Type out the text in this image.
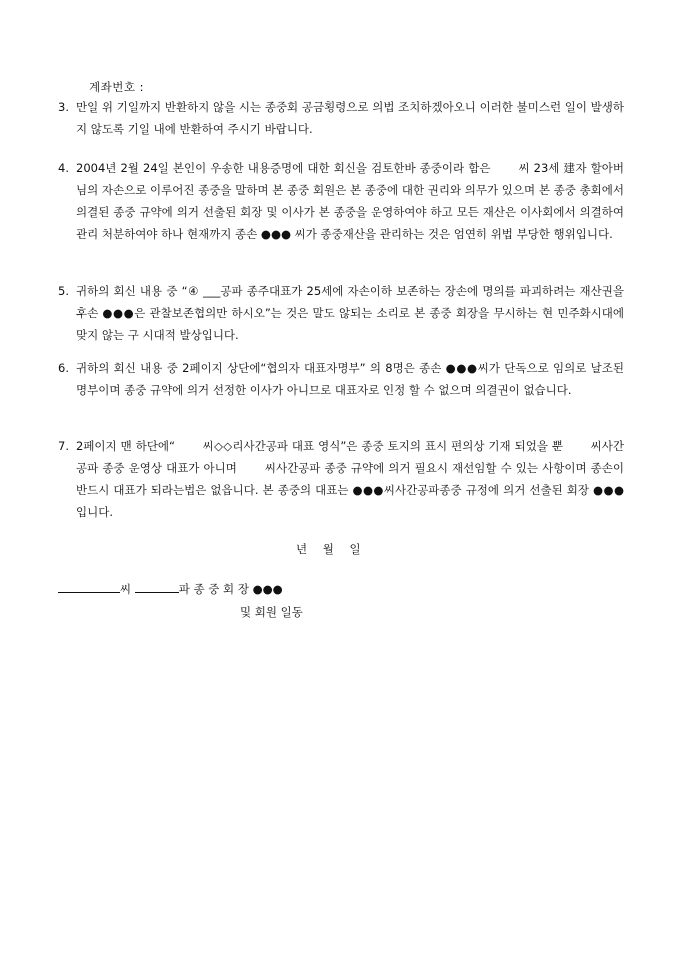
계좌번호 :
3. 만일 위 기일까지 반환하지 않을 시는 종중회 공금횡령으로 의법 조치하겠아오니 이러한 불미스런 일이 발생하지 않도록 기일 내에 반환하여 주시기 바랍니다.
4. 2004년 2월 24일 본인이 우송한 내용증명에 대한 회신을 검토한바 종중이라 함은 　　씨 23세 建자 할아버님의 자손으로 이루어진 종중을 말하며 본 종중 회원은 본 종중에 대한 권리와 의무가 있으며 본 종중 총회에서 의결된 종중 규약에 의거 선출된 회장 및 이사가 본 종중을 운영하여야 하고 모든 재산은 이사회에서 의결하여 관리 처분하여야 하나 현재까지 종손 ●●● 씨가 종중재산을 관리하는 것은 엄연히 위법 부당한 행위입니다.
5. 귀하의 회신 내용 중 “④ ___공파 종주대표가 25세에 자손이하 보존하는 장손에 명의를 파괴하려는 재산권을 후손 ●●●은 관찰보존협의만 하시오”는 것은 말도 않되는 소리로 본 종중 회장을 무시하는 현 민주화시대에 맞지 않는 구 시대적 발상입니다.
6. 귀하의 회신 내용 중 2페이지 상단에“협의자 대표자명부” 의 8명은 종손 ●●●씨가 단독으로 임의로 날조된 명부이며 종중 규약에 의거 선정한 이사가 아니므로 대표자로 인정 할 수 없으며 의결권이 없습니다.
7. 2페이지 맨 하단에“ 　　씨◇◇리사간공파 대표 영식”은 종중 토지의 표시 편의상 기재 되었을 뿐 　　씨사간공파 종중 운영상 대표가 아니며 　　씨사간공파 종중 규약에 의거 필요시 재선임할 수 있는 사항이며 종손이 반드시 대표가 되라는법은 없읍니다. 본 종중의 대표는 ●●●씨사간공파종중 규정에 의거 선출된 회장 ●●● 입니다.
년 월 일
씨	파 종 중 회 장 ●●●
및 회원 일동
